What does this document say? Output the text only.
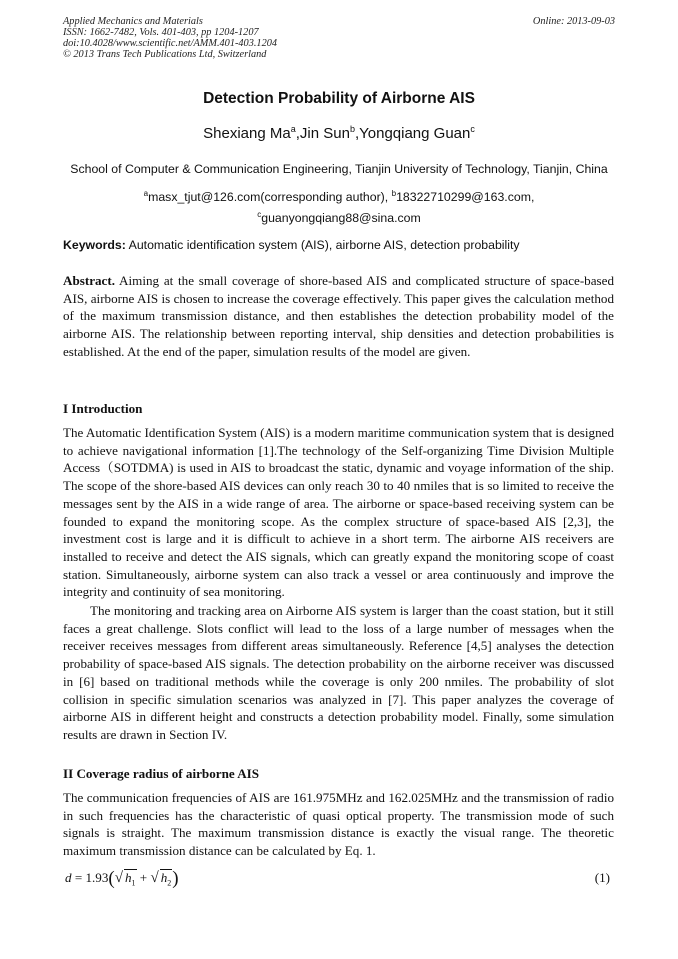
Applied Mechanics and Materials
ISSN: 1662-7482, Vols. 401-403, pp 1204-1207
doi:10.4028/www.scientific.net/AMM.401-403.1204
© 2013 Trans Tech Publications Ltd, Switzerland
Online: 2013-09-03
Detection Probability of Airborne AIS
Shexiang Ma$^a$,Jin Sun$^b$,Yongqiang Guan$^c$
School of Computer & Communication Engineering, Tianjin University of Technology, Tianjin, China
$^a$masx_tjut@126.com(corresponding author), $^b$18322710299@163.com,
$^c$guanyongqiang88@sina.com
Keywords: Automatic identification system (AIS), airborne AIS, detection probability
Abstract. Aiming at the small coverage of shore-based AIS and complicated structure of space-based AIS, airborne AIS is chosen to increase the coverage effectively. This paper gives the calculation method of the maximum transmission distance, and then establishes the detection probability model of the airborne AIS. The relationship between reporting interval, ship densities and detection probabilities is established. At the end of the paper, simulation results of the model are given.
I Introduction
The Automatic Identification System (AIS) is a modern maritime communication system that is designed to achieve navigational information [1].The technology of the Self-organizing Time Division Multiple Access（SOTDMA) is used in AIS to broadcast the static, dynamic and voyage information of the ship. The scope of the shore-based AIS devices can only reach 30 to 40 nmiles that is so limited to receive the messages sent by the AIS in a wide range of area. The airborne or space-based receiving system can be founded to expand the monitoring scope. As the complex structure of space-based AIS [2,3], the investment cost is large and it is difficult to achieve in a short term. The airborne AIS receivers are installed to receive and detect the AIS signals, which can greatly expand the monitoring scope of coast station. Simultaneously, airborne system can also track a vessel or area continuously and improve the integrity and continuity of sea monitoring.
The monitoring and tracking area on Airborne AIS system is larger than the coast station, but it still faces a great challenge. Slots conflict will lead to the loss of a large number of messages when the receiver receives messages from different areas simultaneously. Reference [4,5] analyses the detection probability of space-based AIS signals. The detection probability on the airborne receiver was discussed in [6] based on traditional methods while the coverage is only 200 nmiles. The probability of slot collision in specific simulation scenarios was analyzed in [7]. This paper analyzes the coverage of airborne AIS in different height and constructs a detection probability model. Finally, some simulation results are drawn in Section IV.
II Coverage radius of airborne AIS
The communication frequencies of AIS are 161.975MHz and 162.025MHz and the transmission of radio in such frequencies has the characteristic of quasi optical property. The transmission mode of such signals is straight. The maximum transmission distance is exactly the visual range. The theoretic maximum transmission distance can be calculated by Eq. 1.
d = 1.93(√ $h_1$ + √ $h_2$)	(1)
